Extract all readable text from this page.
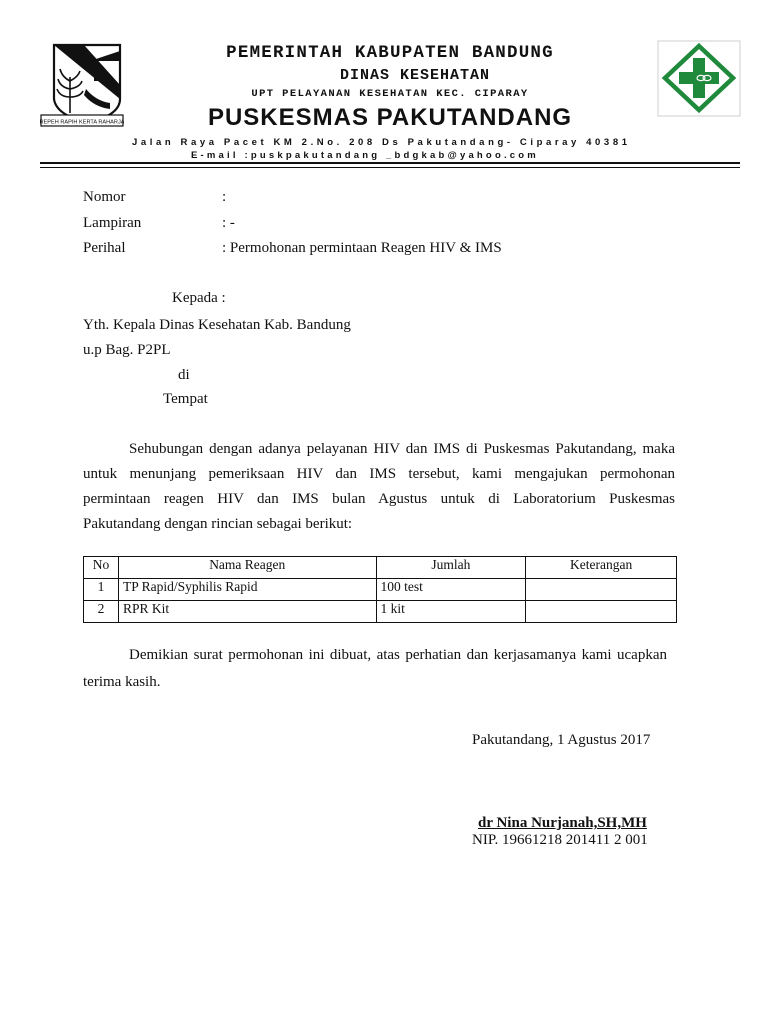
REPEH RAPIH KERTA RAHARJA
PEMERINTAH KABUPATEN BANDUNG
DINAS KESEHATAN
UPT PELAYANAN KESEHATAN KEC. CIPARAY
PUSKESMAS PAKUTANDANG
Jalan Raya Pacet KM 2.No. 208 Ds Pakutandang- Ciparay 40381
E-mail :puskpakutandang _bdgkab@yahoo.com
Nomor	:
Lampiran	: -
Perihal	: Permohonan permintaan Reagen HIV & IMS
Kepada :
Yth. Kepala Dinas Kesehatan Kab. Bandung
u.p Bag. P2PL
di
Tempat
Sehubungan dengan adanya pelayanan HIV dan IMS di Puskesmas Pakutandang, maka
untuk menunjang pemeriksaan HIV dan IMS tersebut, kami mengajukan permohonan
permintaan reagen HIV dan IMS bulan Agustus untuk di Laboratorium Puskesmas
Pakutandang dengan rincian sebagai berikut:
No	Nama Reagen	Jumlah	Keterangan
1	TP Rapid/Syphilis Rapid	100 test	
2	RPR Kit	1 kit	
Demikian surat permohonan ini dibuat, atas perhatian dan kerjasamanya kami ucapkan
terima kasih.
Pakutandang, 1 Agustus 2017
dr Nina Nurjanah,SH,MH
NIP. 19661218 201411 2 001
